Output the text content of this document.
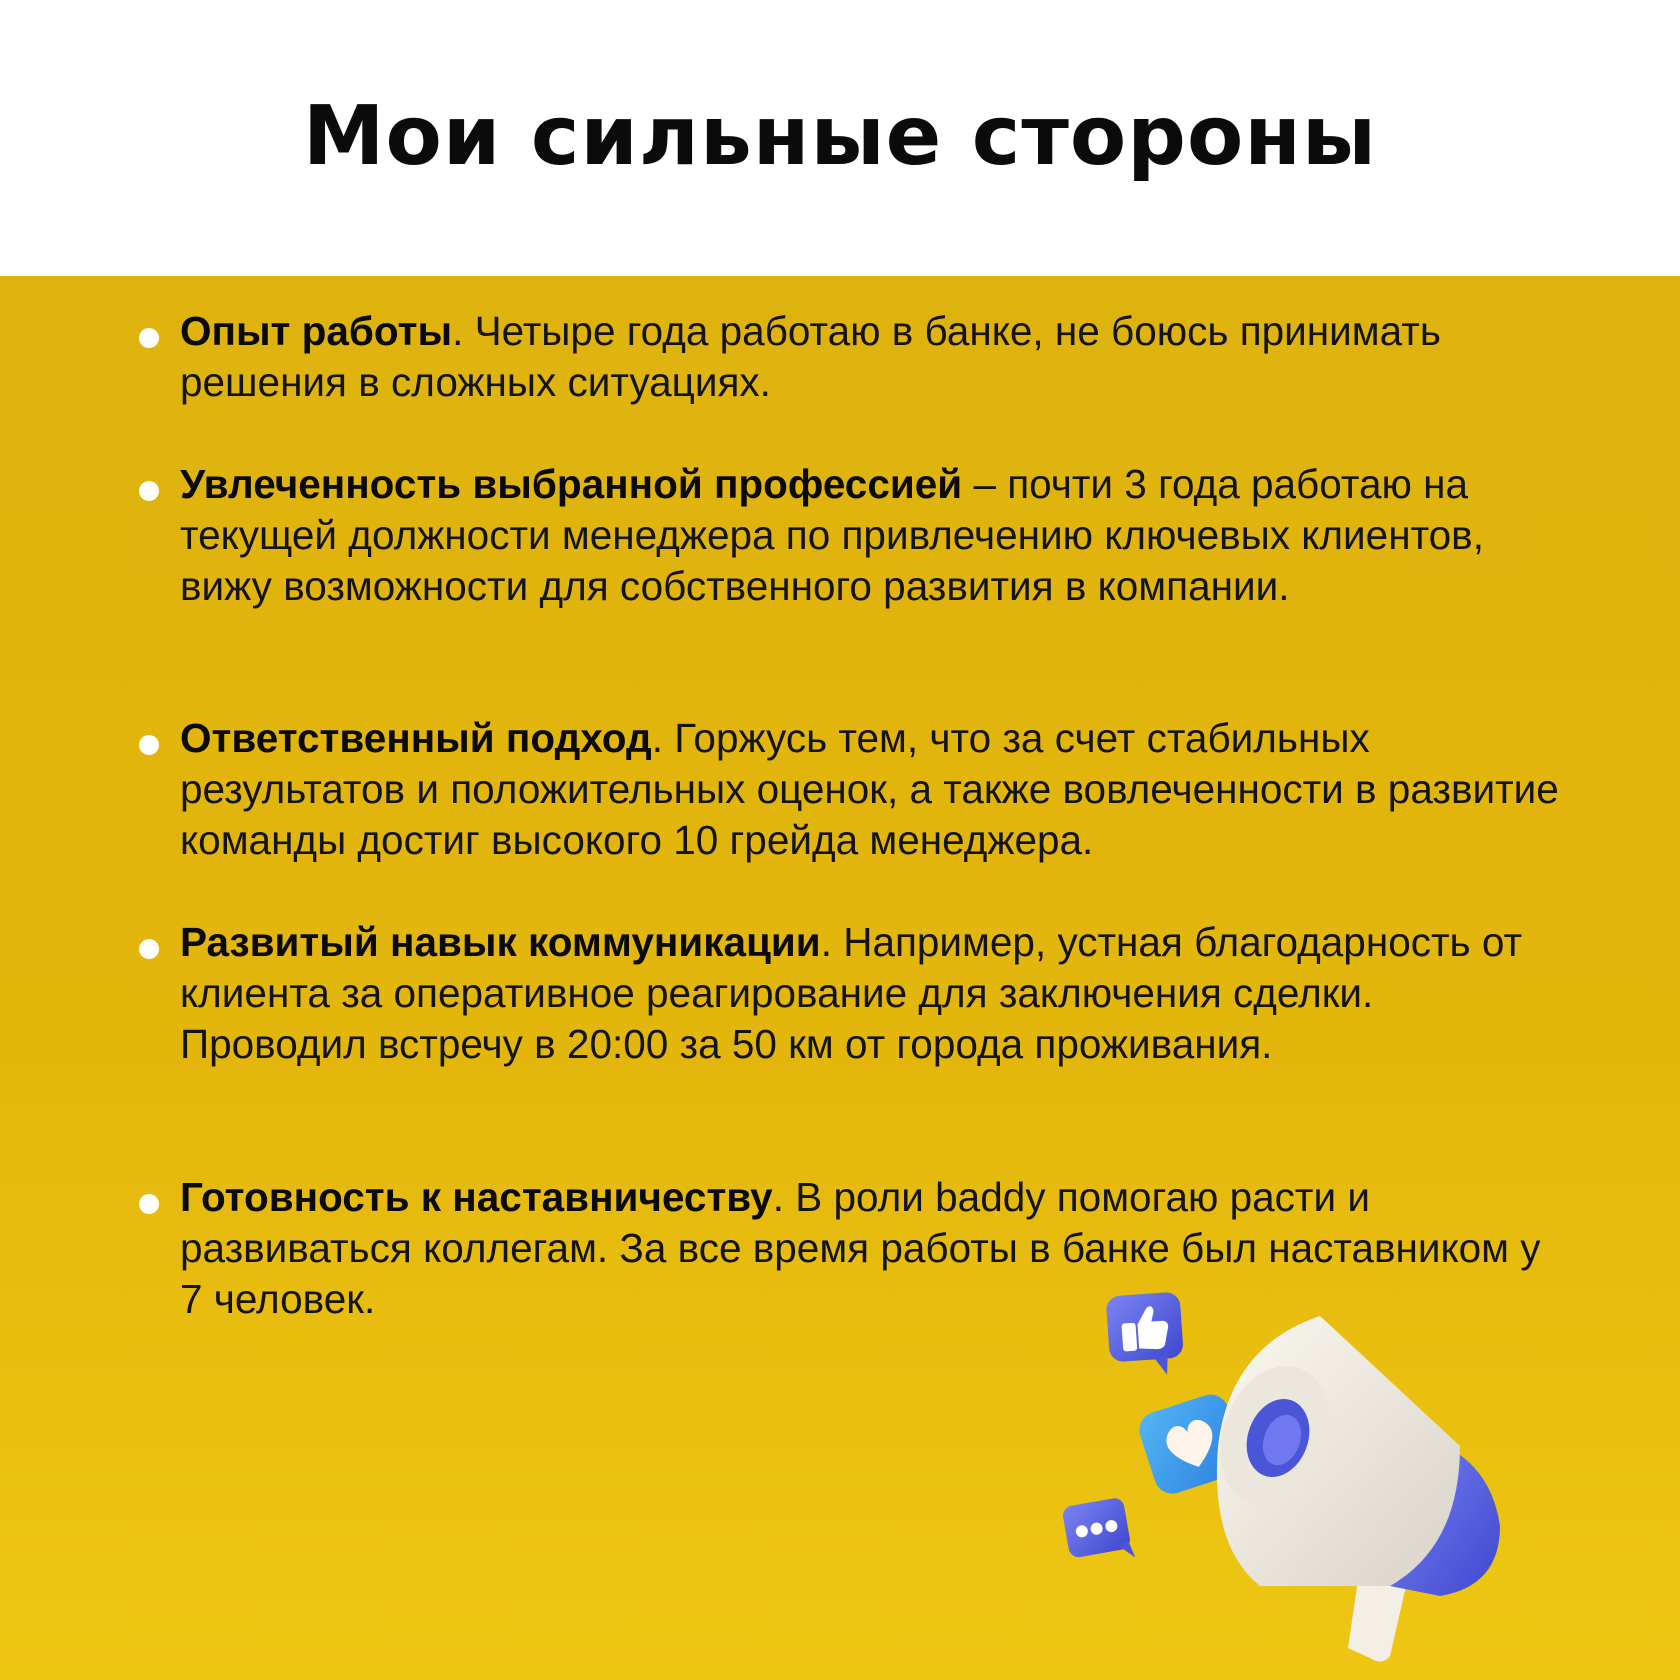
Мои сильные стороны
Опыт работы. Четыре года работаю в банке, не боюсь принимать решения в сложных ситуациях.
Увлеченность выбранной профессией – почти 3 года работаю на текущей должности менеджера по привлечению ключевых клиентов, вижу возможности для собственного развития в компании.
Ответственный подход. Горжусь тем, что за счет стабильных результатов и положительных оценок, а также вовлеченности в развитие команды достиг высокого 10 грейда менеджера.
Развитый навык коммуникации. Например, устная благодарность от клиента за оперативное реагирование для заключения сделки. Проводил встречу в 20:00 за 50 км от города проживания.
Готовность к наставничеству. В роли baddy помогаю расти и развиваться коллегам. За все время работы в банке был наставником у 7 человек.
